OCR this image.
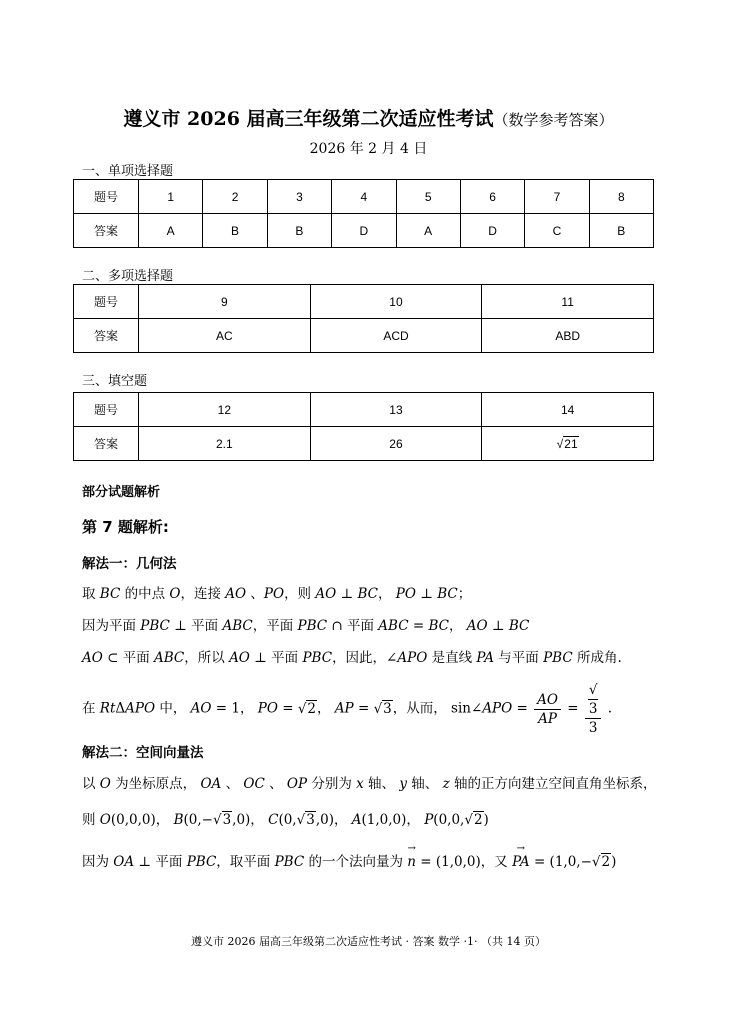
遵义市 2026 届高三年级第二次适应性考试（数学参考答案）
2026 年 2 月 4 日
一、单项选择题
题号	1	2	3	4	5	6	7	8
答案	A	B	B	D	A	D	C	B
二、多项选择题
题号	9	10	11
答案	AC	ACD	ABD
三、填空题
题号	12	13	14
答案	2.1	26	√21
部分试题解析
第 7 题解析:
解法一：几何法
取 BC 的中点 O，连接 AO 、PO，则 AO ⊥ BC， PO ⊥ BC；
因为平面 PBC ⊥ 平面 ABC，平面 PBC ∩ 平面 ABC = BC， AO ⊥ BC
AO ⊂ 平面 ABC，所以 AO ⊥ 平面 PBC，因此，∠APO 是直线 PA 与平面 PBC 所成角.
在 RtΔAPO 中， AO = 1， PO = √2， AP = √3，从而， sin∠APO = $\frac{AO}{AP}$ = √
3
3 .
解法二：空间向量法
以 O 为坐标原点， OA 、 OC 、 OP 分别为 x 轴、 y 轴、 z 轴的正方向建立空间直角坐标系，
则 O(0,0,0)， B(0,−√3,0)， C(0,√3,0)， A(1,0,0)， P(0,0,√2)
因为 OA ⊥ 平面 PBC，取平面 PBC 的一个法向量为 → n = (1,0,0)，又 → PA = (1,0,−√2)
遵义市 2026 届高三年级第二次适应性考试 · 答案 数学 ·1· （共 14 页）
